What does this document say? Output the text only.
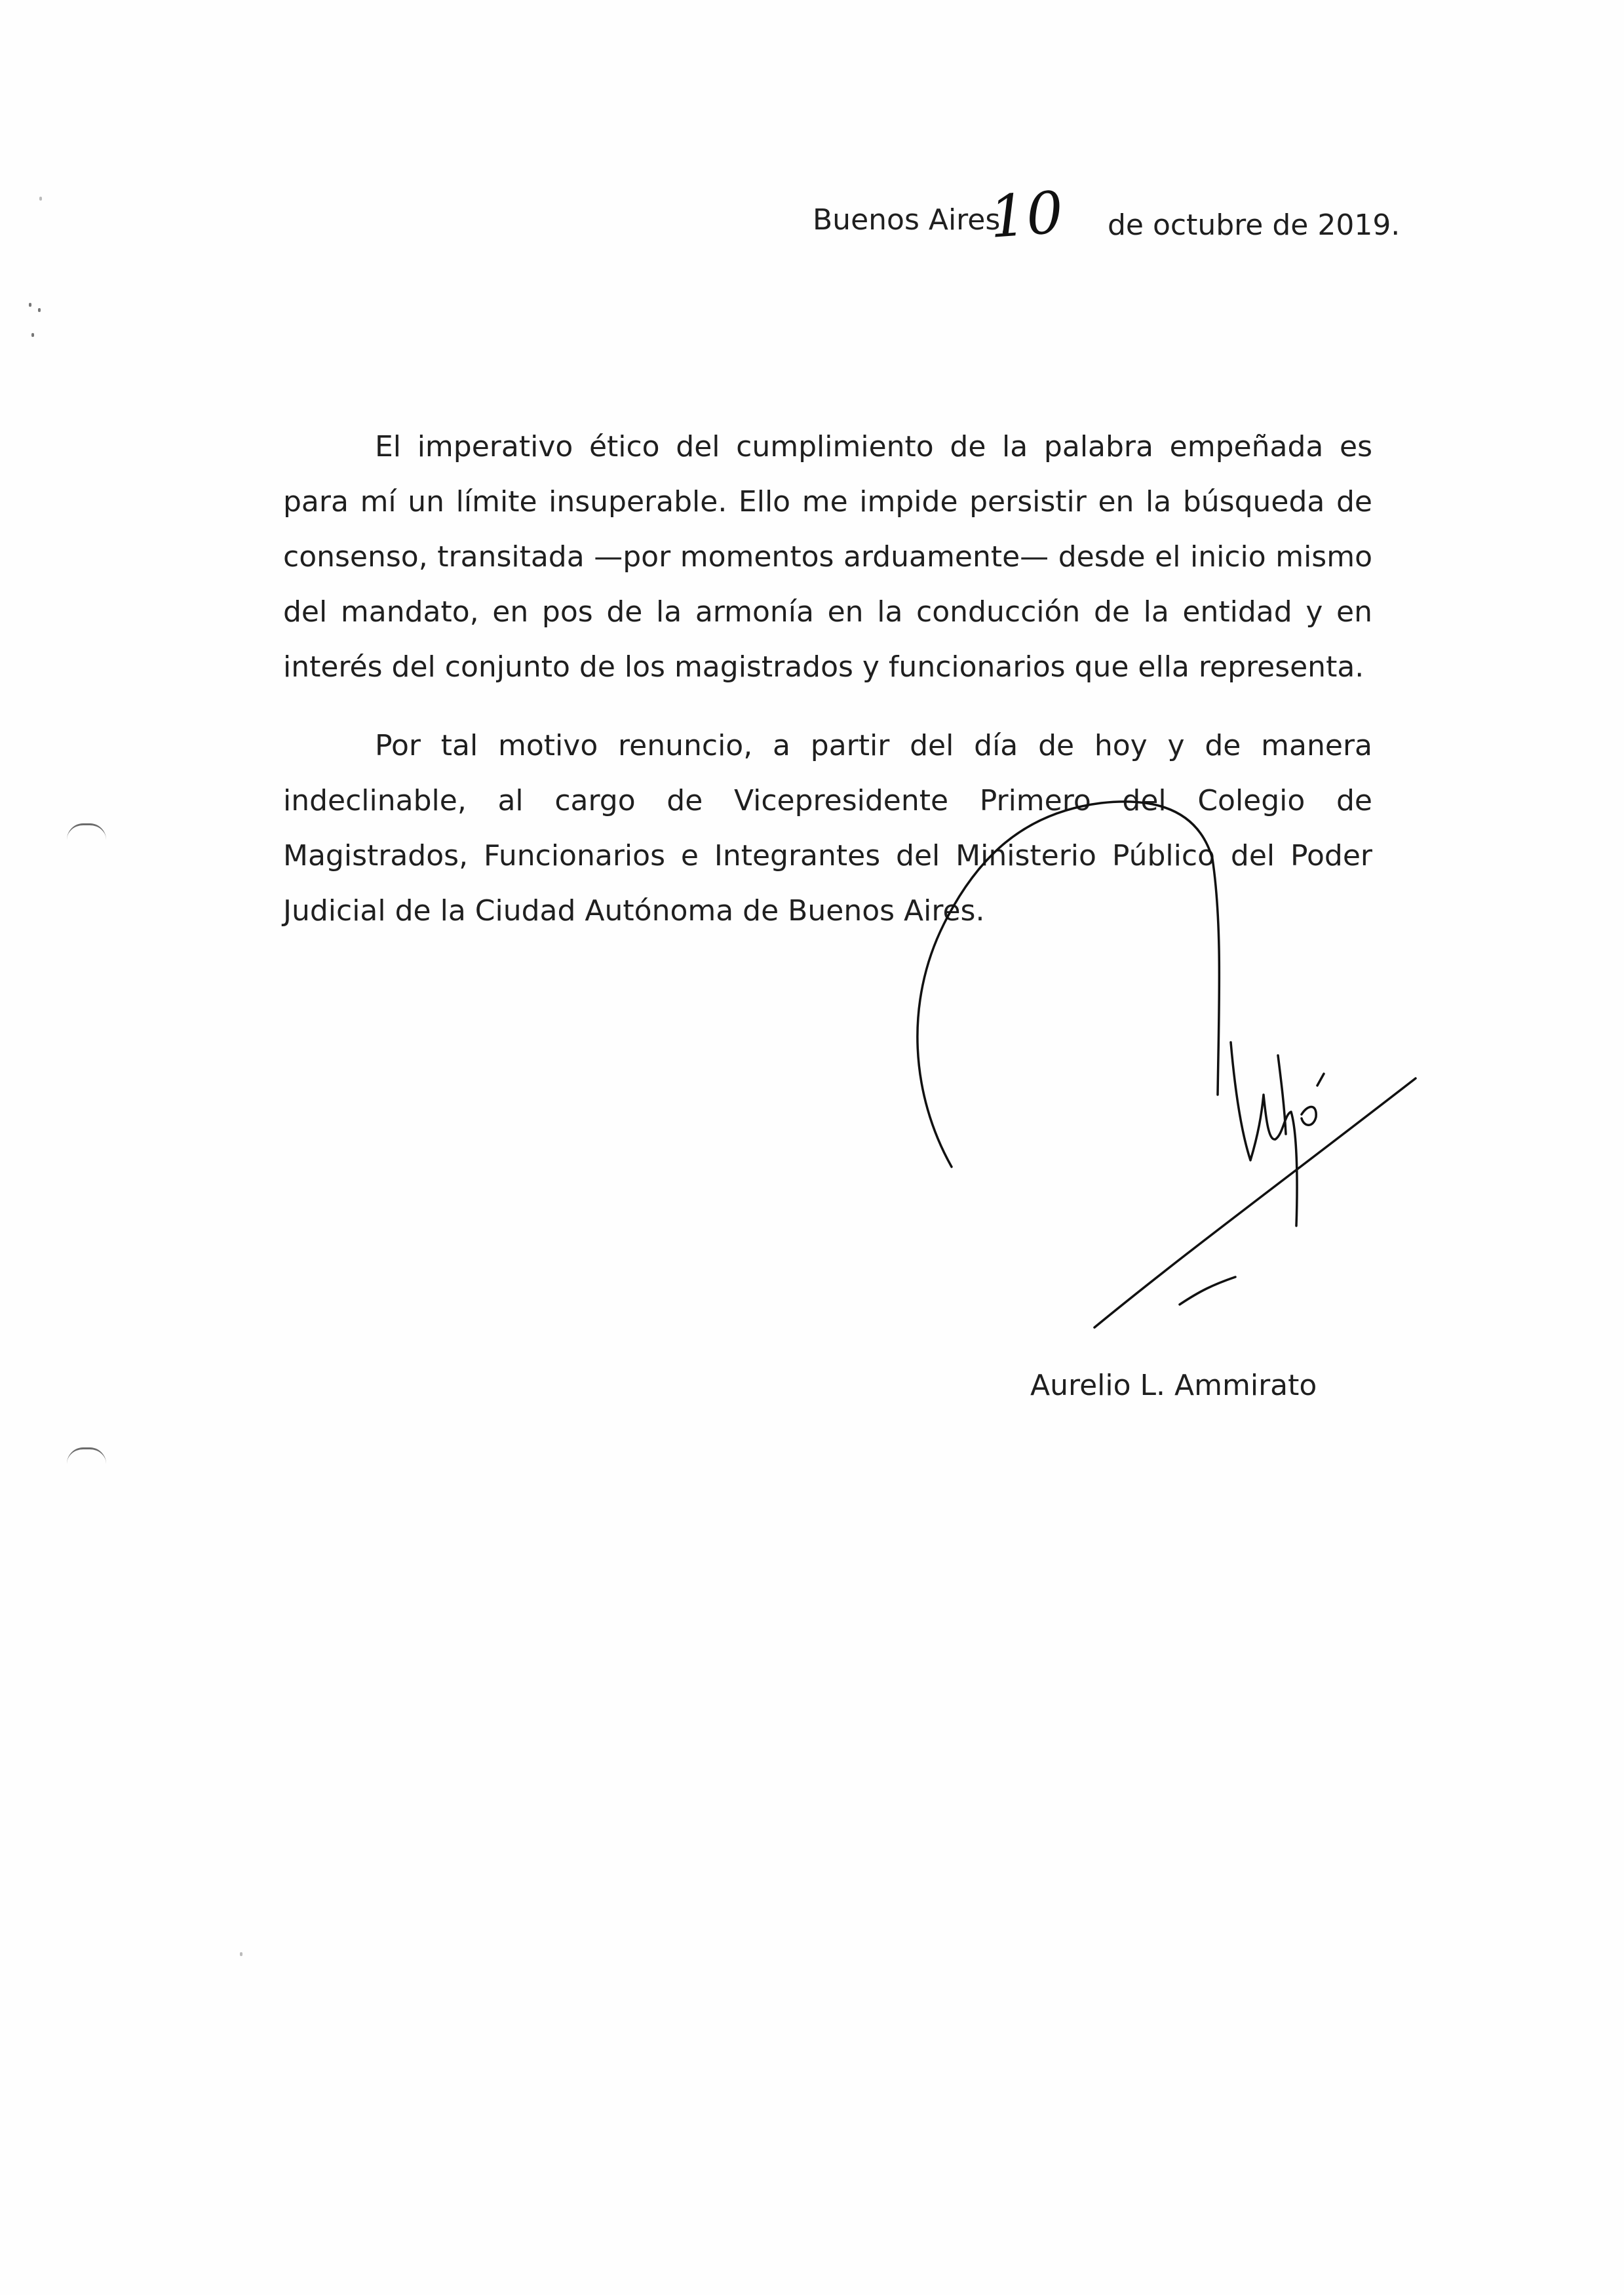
Buenos Aires,
10 de octubre de 2019.

El imperativo ético del cumplimiento de la palabra empeñada es para mí un límite insuperable. Ello me impide persistir en la búsqueda de consenso, transitada —por momentos arduamente— desde el inicio mismo del mandato, en pos de la armonía en la conducción de la entidad y en interés del conjunto de los magistrados y funcionarios que ella representa.

Por tal motivo renuncio, a partir del día de hoy y de manera indeclinable, al cargo de Vicepresidente Primero del Colegio de Magistrados, Funcionarios e Integrantes del Ministerio Público del Poder Judicial de la Ciudad Autónoma de Buenos Aires.

Aurelio L. Ammirato
